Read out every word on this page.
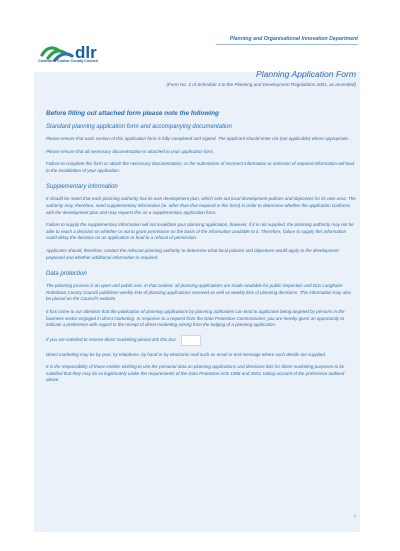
Planning and Organisational Innovation Department
dlr
Comhairle Contae County Council
Planning Application Form
(Form No. 2 of Schedule 3 to the Planning and Development Regulations 2001, as amended)
Before filling out attached form please note the following
Standard planning application form and accompanying documentation

Please ensure that each section of this application form is fully completed and signed. The applicant should enter n/a (not applicable) where appropriate.

Please ensure that all necessary documentation is attached to your application form.

Failure to complete this form or attach the necessary documentation, or the submission of incorrect information or omission of required information will lead to the invalidation of your application.

Supplementary information

It should be noted that each planning authority has its own development plan, which sets out local development policies and objectives for its own area. The authority may, therefore, need supplementary information (ie. other than that required in this form) in order to determine whether the application conforms with the development plan and may request this on a supplementary application form.

Failure to supply the supplementary information will not invalidate your planning application, however, if it is not supplied, the planning authority may not be able to reach a decision on whether or not to grant permission on the basis of the information available to it. Therefore, failure to supply this information could delay the decision on an application or lead to a refusal of permission.

Applicants should, therefore, contact the relevant planning authority to determine what local policies and objectives would apply to the development proposed and whether additional information is required.

Data protection

The planning process is an open and public one. In that context, all planning applications are made available for public inspection and Dún Laoghaire Rathdown County Council publishes weekly lists of planning applications received as well as weekly lists of planning decisions. This information may also be placed on the Council's website.

It has come to our attention that the publication of planning applications by planning authorities can lead to applicants being targeted by persons in the business sector engaged in direct marketing. In response to a request from the Data Protection Commissioner, you are hereby given an opportunity to indicate a preference with regard to the receipt of direct marketing arising from the lodging of a planning application.

If you are satisfied to receive direct marketing please tick this box

Direct marketing may be by post, by telephone, by hand or by electronic mail such as email or text message where such details are supplied.

It is the responsibility of those entities wishing to use the personal data on planning applications and decisions lists for direct marketing purposes to be satisfied that they may do so legitimately under the requirements of the Data Protection Acts 1988 and 2003, taking account of the preference outlined above.

1
